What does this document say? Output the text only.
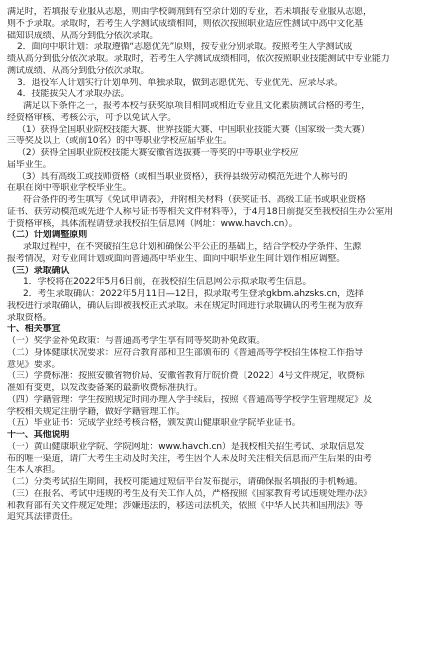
满足时，若填报专业服从志愿，则由学校调剂到有空余计划的专业，若未填报专业服从志愿，
则不予录取。录取时，若考生入学测试成绩相同，则依次按照职业适应性测试中高中文化基
础知识成绩、从高分到低分依次录取。
2．面向中职计划：录取遵循“志愿优先”原则，按专业分别录取。按照考生入学测试成
绩从高分到低分依次录取。录取时，若考生入学测试成绩相同，依次按照职业技能测试中专业能力
测试成绩、从高分到低分依次录取。
3．退役军人计划实行计划单列、单独录取，做到志愿优先、专业优先、应录尽录。
4．技能拔尖人才录取办法。
满足以下条件之一，报考本校与获奖原项目相同或相近专业且文化素质测试合格的考生，
经资格审核、考核公示，可予以免试入学。
（1）获得全国职业院校技能大赛、世界技能大赛、中国职业技能大赛（国家级一类大赛）
三等奖及以上（或前10名）的中等职业学校应届毕业生。
（2）获得全国职业院校技能大赛安徽省选拔赛一等奖的中等职业学校应
届毕业生。
（3）具有高级工或技师资格（或相当职业资格），获得县级劳动模范先进个人称号的
在职在岗中等职业学校毕业生。
符合条件的考生填写《免试申请表》，并附相关材料（获奖证书、高级工证书或职业资格
证书、获劳动模范或先进个人称号证书等相关文件材料等），于4月18日前提交至我校招生办公室用
于资格审核，具体流程请登录我校招生信息网（网址：www.havch.cn）。
（二）计划调整原则
录取过程中，在不突破招生总计划和确保公平公正的基础上，结合学校办学条件、生源
报考情况，对专业间计划或面向普通高中毕业生、面向中职毕业生间计划作相应调整。
（三）录取确认
1．学校将在2022年5月6日前，在我校招生信息网公示拟录取考生信息。
2．考生录取确认：2022年5月11日—12日，拟录取考生登录gkbm.ahzsks.cn，选择
我校进行录取确认，确认后即被我校正式录取。未在规定时间进行录取确认的考生视为放弃
录取资格。
十、相关事宜
（一）奖学金补免政策：与普通高考学生享有同等奖助补免政策。
（二）身体健康状况要求：应符合教育部和卫生部颁布的《普通高等学校招生体检工作指导
意见》要求。
（三）学费标准：按照安徽省物价局、安徽省教育厅皖价费〔2022〕4号文件规定，收费标
准如有变更，以发改委备案的最新收费标准执行。
（四）学籍管理：学生按照规定时间办理入学手续后，按照《普通高等学校学生管理规定》及
学校相关规定注册学籍，做好学籍管理工作。
（五）毕业证书：完成学业经考核合格，颁发黄山健康职业学院毕业证书。
十一、其他说明
（一）黄山健康职业学院、学院网址：www.havch.cn）是我校相关招生考试、录取信息发
布的唯一渠道，请广大考生主动及时关注，考生因个人未及时关注相关信息而产生后果的由考
生本人承担。
（二）分类考试招生期间，我校可能通过短信平台发布提示，请确保报名填报的手机畅通。
（三）在报名、考试中违规的考生及有关工作人员，严格按照《国家教育考试违规处理办法》
和教育部有关文件规定处理；涉嫌违法的，移送司法机关，依照《中华人民共和国刑法》等
追究其法律责任。
